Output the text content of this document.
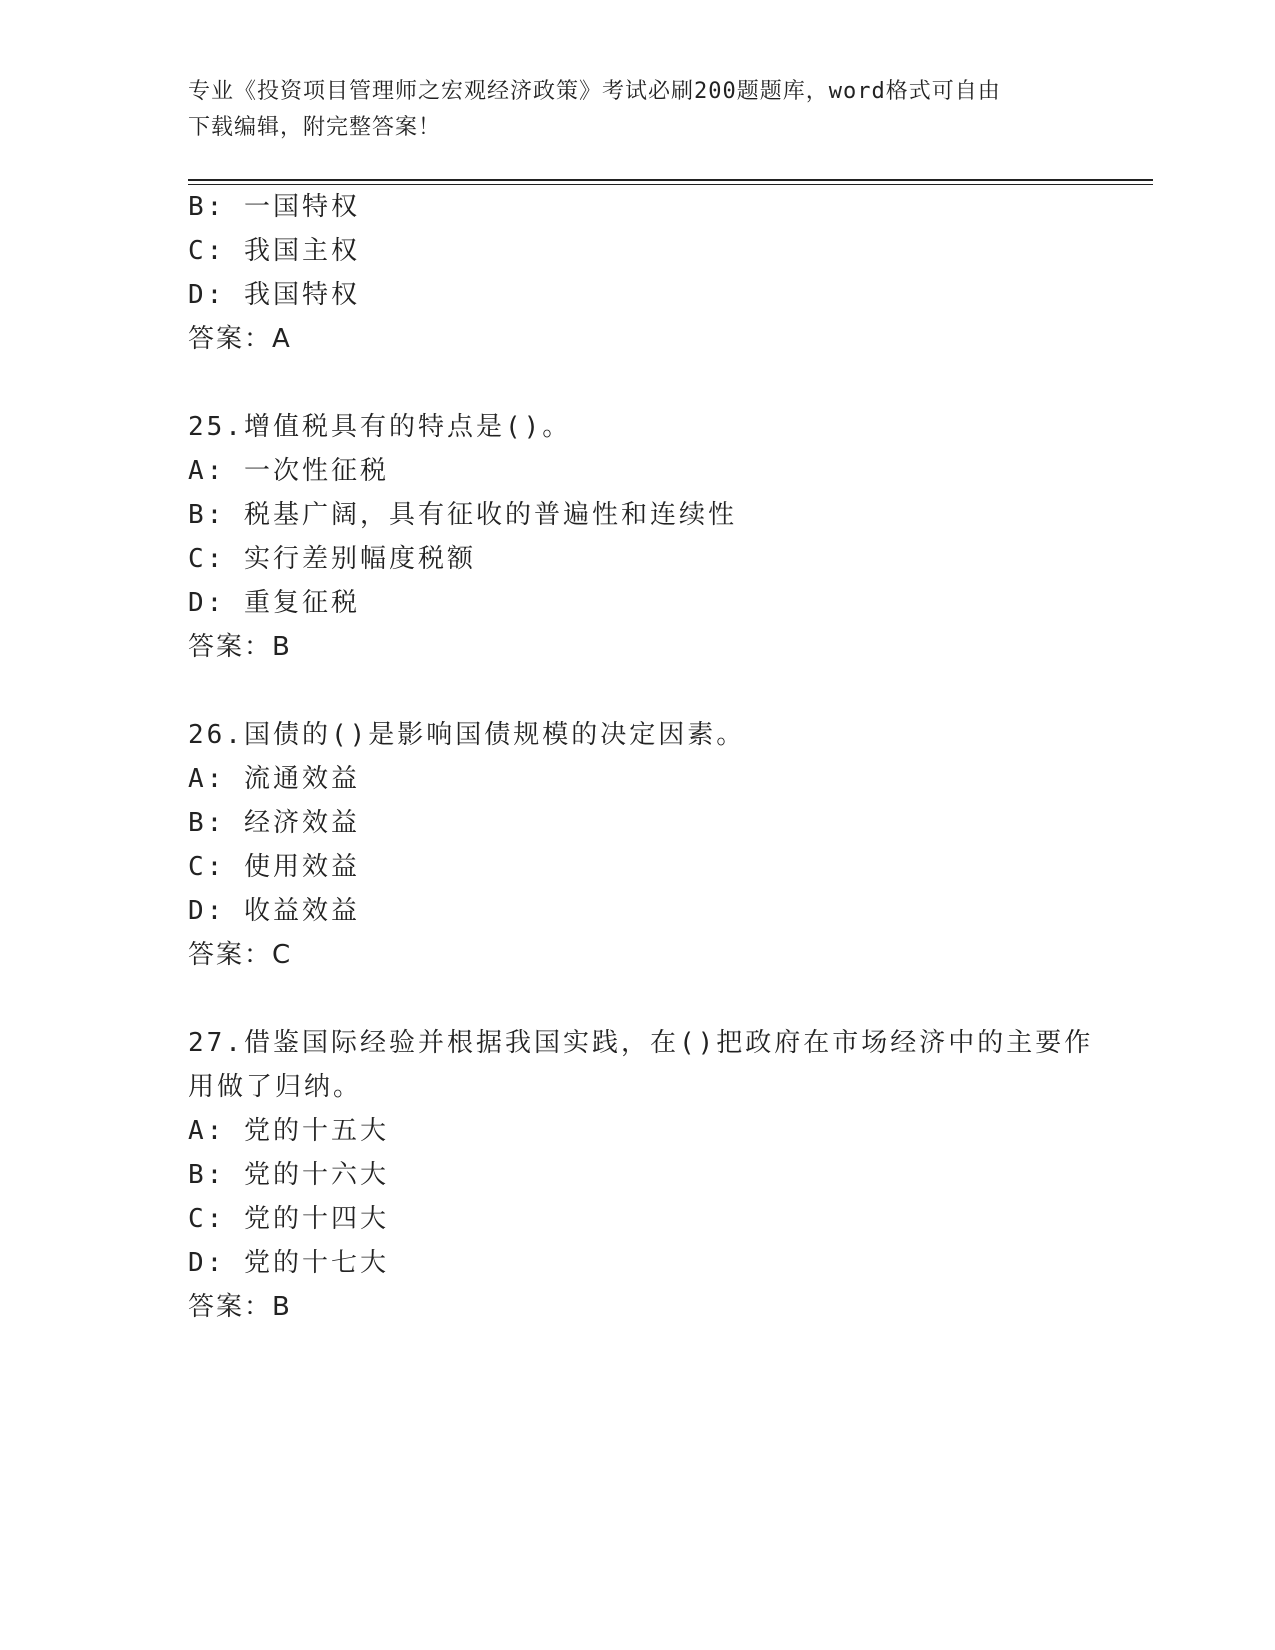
专业《投资项目管理师之宏观经济政策》考试必刷200题题库，word格式可自由
下载编辑，附完整答案！
B: 一国特权
C: 我国主权
D: 我国特权
答案：A
25.增值税具有的特点是()。
A: 一次性征税
B: 税基广阔，具有征收的普遍性和连续性
C: 实行差别幅度税额
D: 重复征税
答案：B
26.国债的()是影响国债规模的决定因素。
A: 流通效益
B: 经济效益
C: 使用效益
D: 收益效益
答案：C
27.借鉴国际经验并根据我国实践，在()把政府在市场经济中的主要作
用做了归纳。
A: 党的十五大
B: 党的十六大
C: 党的十四大
D: 党的十七大
答案：B
